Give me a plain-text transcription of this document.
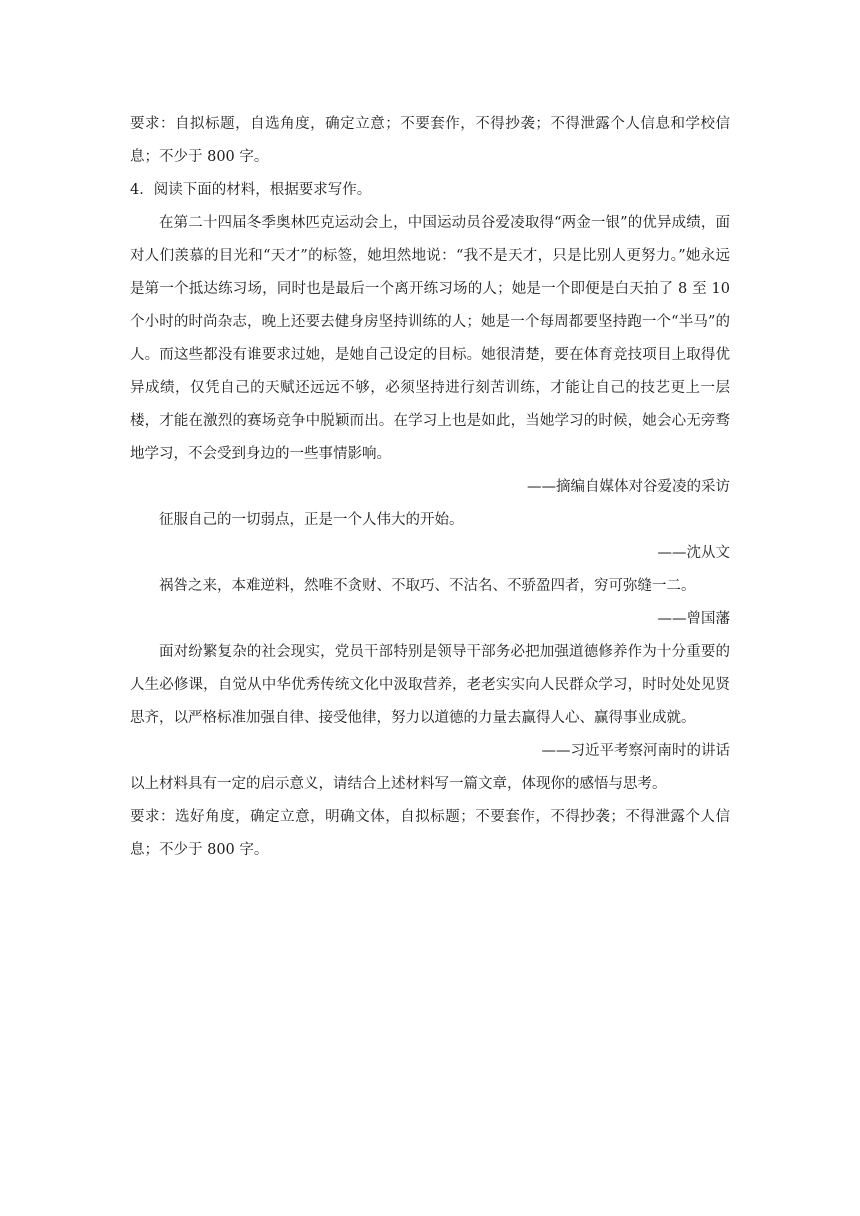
要求：自拟标题，自选角度，确定立意；不要套作，不得抄袭；不得泄露个人信息和学校信息；不少于 800 字。

4．阅读下面的材料，根据要求写作。

在第二十四届冬季奥林匹克运动会上，中国运动员谷爱凌取得“两金一银”的优异成绩，面对人们羡慕的目光和“天才”的标签，她坦然地说：“我不是天才，只是比别人更努力。”她永远是第一个抵达练习场，同时也是最后一个离开练习场的人；她是一个即便是白天拍了 8 至 10 个小时的时尚杂志，晚上还要去健身房坚持训练的人；她是一个每周都要坚持跑一个“半马”的人。而这些都没有谁要求过她，是她自己设定的目标。她很清楚，要在体育竞技项目上取得优异成绩，仅凭自己的天赋还远远不够，必须坚持进行刻苦训练，才能让自己的技艺更上一层楼，才能在激烈的赛场竞争中脱颖而出。在学习上也是如此，当她学习的时候，她会心无旁骛地学习，不会受到身边的一些事情影响。

——摘编自媒体对谷爱凌的采访

征服自己的一切弱点，正是一个人伟大的开始。

——沈从文

祸咎之来，本难逆料，然唯不贪财、不取巧、不沽名、不骄盈四者，穷可弥缝一二。

——曾国藩

面对纷繁复杂的社会现实，党员干部特别是领导干部务必把加强道德修养作为十分重要的人生必修课，自觉从中华优秀传统文化中汲取营养，老老实实向人民群众学习，时时处处见贤思齐，以严格标准加强自律、接受他律，努力以道德的力量去赢得人心、赢得事业成就。

——习近平考察河南时的讲话

以上材料具有一定的启示意义，请结合上述材料写一篇文章，体现你的感悟与思考。

要求：选好角度，确定立意，明确文体，自拟标题；不要套作，不得抄袭；不得泄露个人信息；不少于 800 字。
